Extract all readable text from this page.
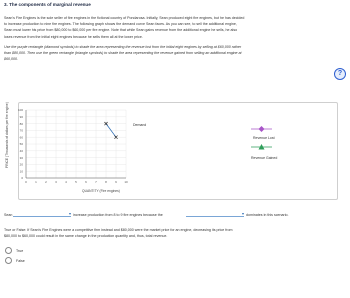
3. The components of marginal revenue
Sean's Fire Engines is the sole seller of fire engines in the fictional country of Pondarosa. Initially, Sean produced eight fire engines, but he has decided
to increase production to nine fire engines. The following graph shows the demand curve Sean faces. As you can see, to sell the additional engine,
Sean must lower his price from $80,000 to $60,000 per fire engine. Note that while Sean gains revenue from the additional engine he sells, he also
loses revenue from the initial eight engines because he sells them all at the lower price.
Use the purple rectangle (diamond symbols) to shade the area representing the revenue lost from the initial eight engines by selling at $60,000 rather
than $80,000. Then use the green rectangle (triangle symbols) to shade the area representing the revenue gained from selling an additional engine at
$60,000.
?
100
90
80
70
60
50
40
30
20
10
0
0	1	2	3	4	5	6	7	8	9 10
PRICE (Thousands of dollars per fire engine)
QUANTITY (Fire engines)
Demand
Revenue Lost
Revenue Gained
Sean	▾ increase production from 8 to 9 fire engines because the	▾ dominates in this scenario.
True or False: If Sean's Fire Engines were a competitive firm instead and $80,000 were the market price for an engine, decreasing its price from
$80,000 to $60,000 could result in the same change in the production quantity and, thus, total revenue.
True
False
